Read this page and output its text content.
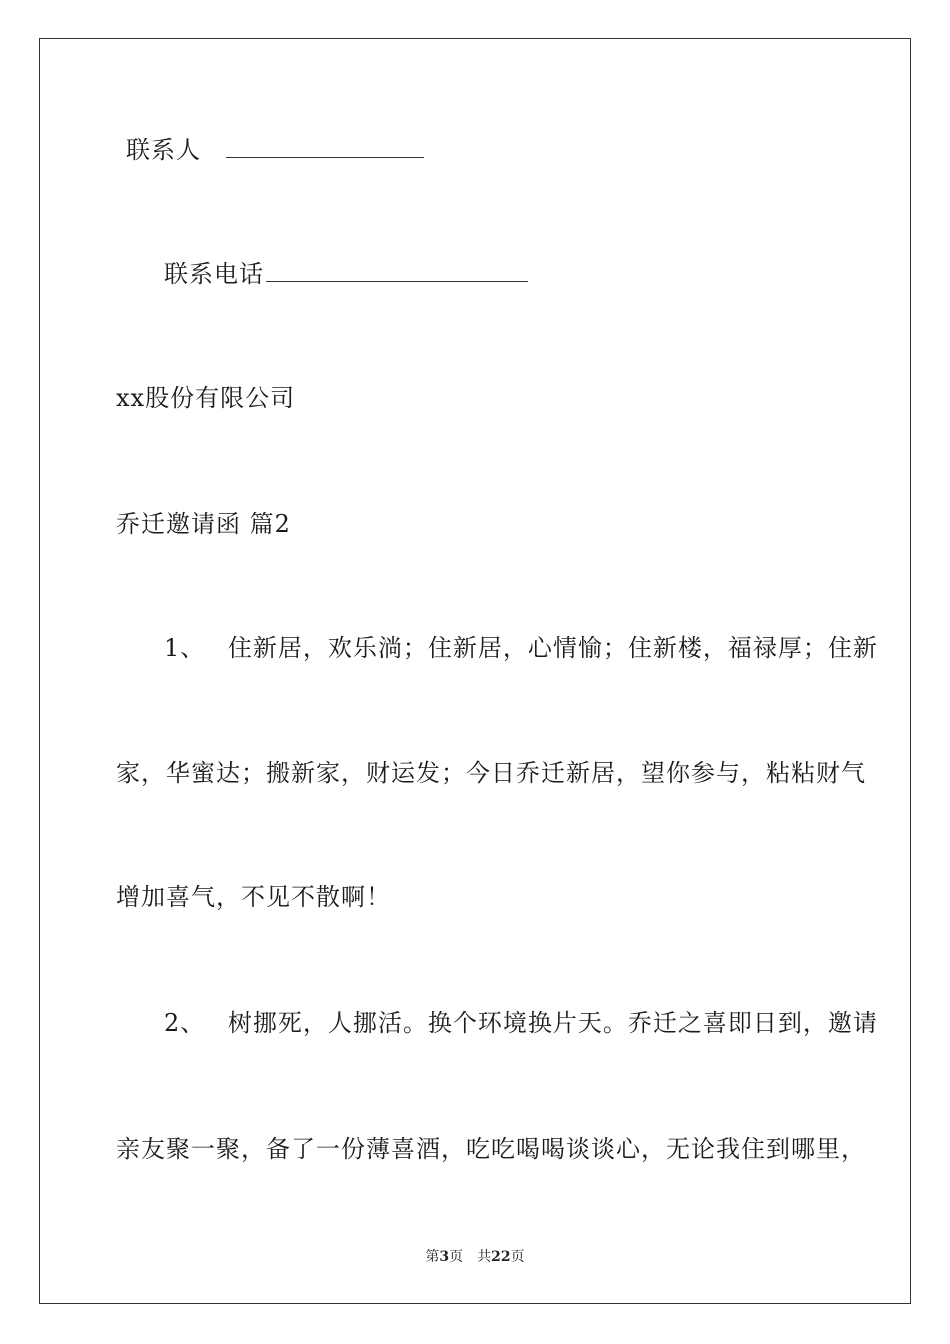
联系人
联系电话
xx股份有限公司
乔迁邀请函 篇2
1、 住新居，欢乐淌；住新居，心情愉；住新楼，福禄厚；住新
家，华蜜达；搬新家，财运发；今日乔迁新居，望你参与，粘粘财气
增加喜气，不见不散啊！
2、 树挪死，人挪活。换个环境换片天。乔迁之喜即日到，邀请
亲友聚一聚，备了一份薄喜酒，吃吃喝喝谈谈心，无论我住到哪里，
第3页　共22页
